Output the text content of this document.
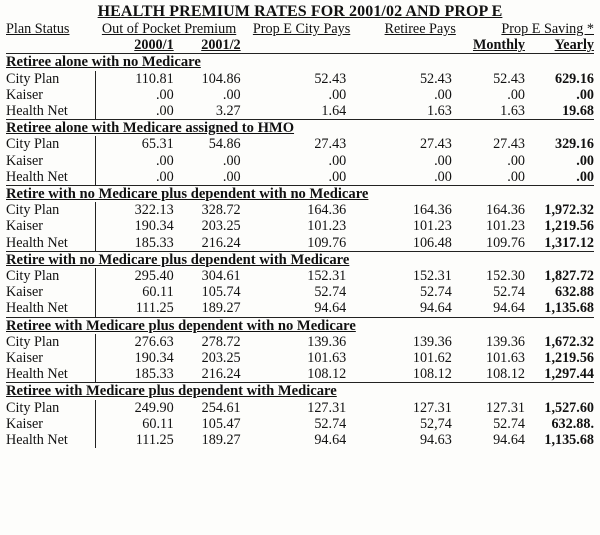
HEALTH PREMIUM RATES FOR 2001/02 AND PROP E
Plan Status	Out of Pocket Premium		Prop E City Pays	Retiree Pays	Prop E Saving *	
	2000/1	2001/2			Monthly	Yearly
Retiree alone with no Medicare						
City Plan	110.81	104.86	52.43	52.43	52.43	629.16
Kaiser	.00	.00	.00	.00	.00	.00
Health Net	.00	3.27	1.64	1.63	1.63	19.68
Retiree alone with Medicare assigned to HMO						
City Plan	65.31	54.86	27.43	27.43	27.43	329.16
Kaiser	.00	.00	.00	.00	.00	.00
Health Net	.00	.00	.00	.00	.00	.00
Retire with no Medicare plus dependent with no Medicare						
City Plan	322.13	328.72	164.36	164.36	164.36	1,972.32
Kaiser	190.34	203.25	101.23	101.23	101.23	1,219.56
Health Net	185.33	216.24	109.76	106.48	109.76	1,317.12
Retire with no Medicare plus dependent with Medicare						
City Plan	295.40	304.61	152.31	152.31	152.30	1,827.72
Kaiser	60.11	105.74	52.74	52.74	52.74	632.88
Health Net	111.25	189.27	94.64	94.64	94.64	1,135.68
Retiree with Medicare plus dependent with no Medicare						
City Plan	276.63	278.72	139.36	139.36	139.36	1,672.32
Kaiser	190.34	203.25	101.63	101.62	101.63	1,219.56
Health Net	185.33	216.24	108.12	108.12	108.12	1,297.44
Retiree with Medicare plus dependent with Medicare						
City Plan	249.90	254.61	127.31	127.31	127.31	1,527.60
Kaiser	60.11	105.47	52.74	52,74	52.74	632.88.
Health Net	111.25	189.27	94.64	94.63	94.64	1,135.68
